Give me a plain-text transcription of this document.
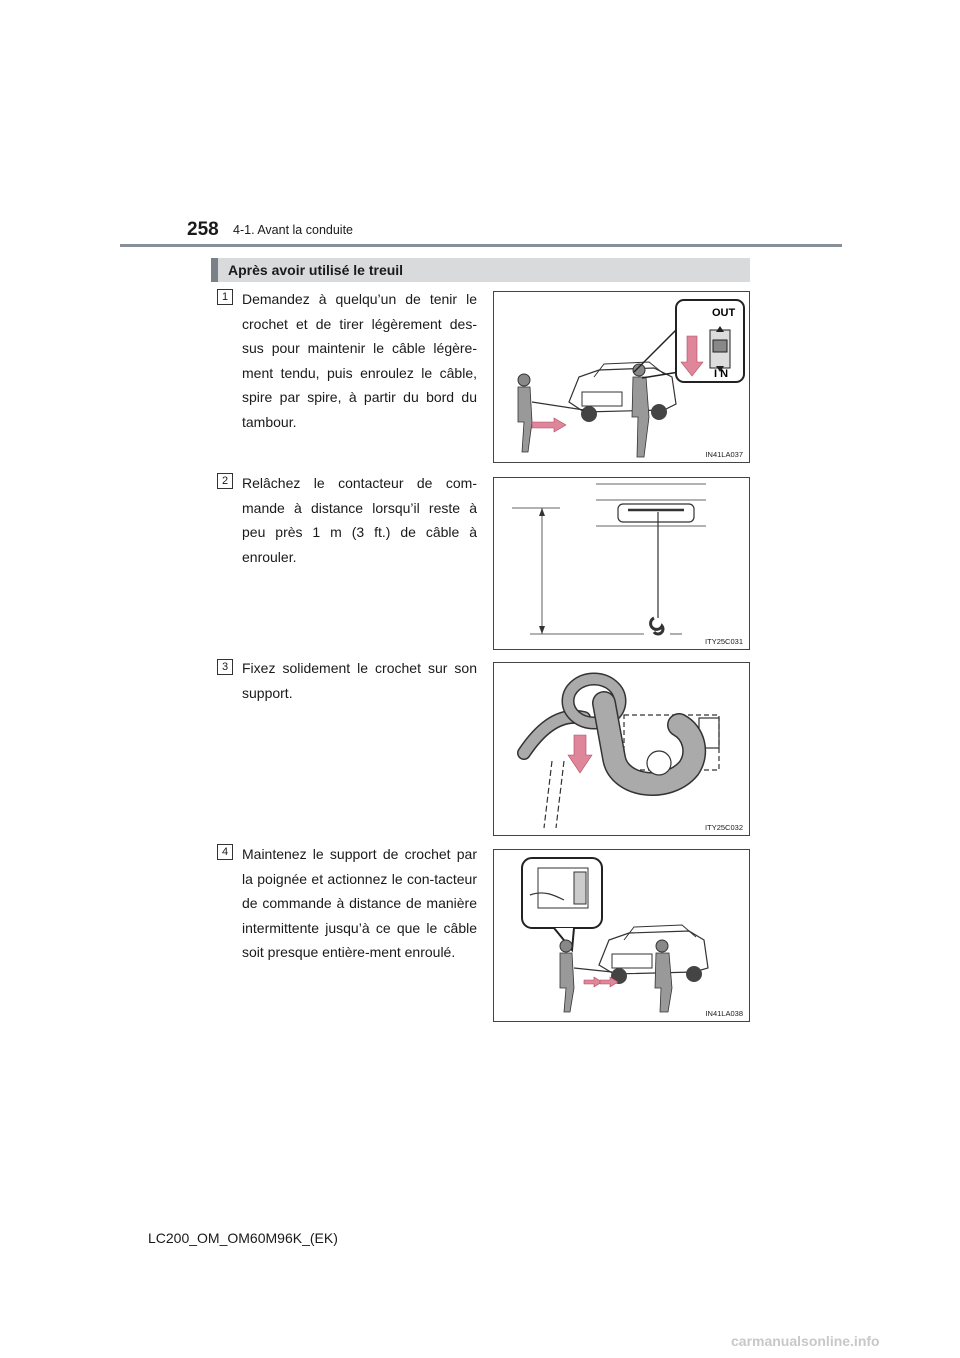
258 4-1. Avant la conduite
Après avoir utilisé le treuil
1 Demandez à quelqu’un de tenir le crochet et de tirer légèrement des-sus pour maintenir le câble légère-ment tendu, puis enroulez le câble, spire par spire, à partir du bord du tambour.
OUT
I N
IN41LA037
2 Relâchez le contacteur de com-mande à distance lorsqu’il reste à peu près 1 m (3 ft.) de câble à enrouler.
ITY25C031
3 Fixez solidement le crochet sur son support.
ITY25C032
4 Maintenez le support de crochet par la poignée et actionnez le con-tacteur de commande à distance de manière intermittente jusqu’à ce que le câble soit presque entière-ment enroulé.
IN41LA038
LC200_OM_OM60M96K_(EK)
carmanualsonline.info
